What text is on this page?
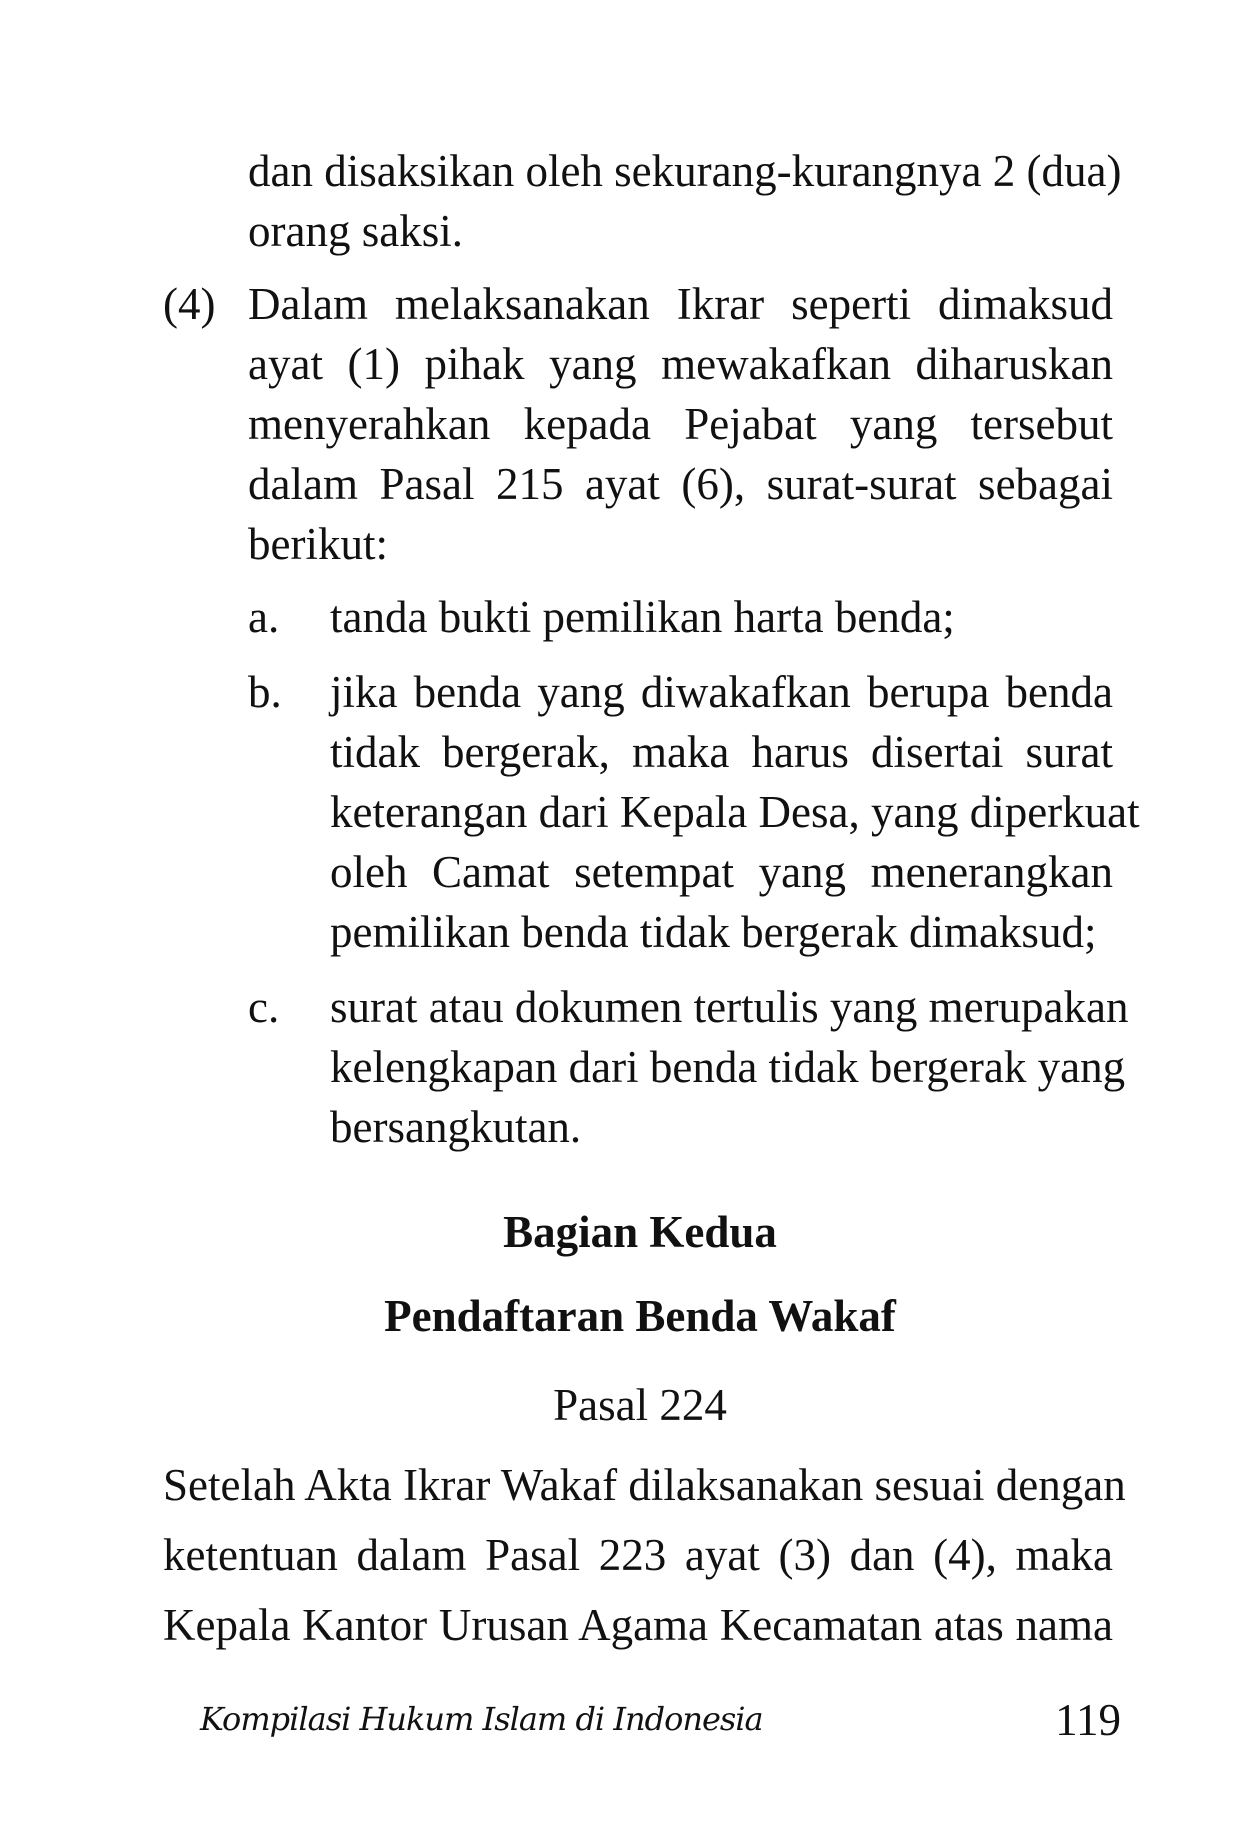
dan disaksikan oleh sekurang-kurangnya 2 (dua)
orang saksi.
(4) Dalam melaksanakan Ikrar seperti dimaksud
ayat (1) pihak yang mewakafkan diharuskan
menyerahkan kepada Pejabat yang tersebut
dalam Pasal 215 ayat (6), surat-surat sebagai
berikut:
a. tanda bukti pemilikan harta benda;
b. jika benda yang diwakafkan berupa benda
tidak bergerak, maka harus disertai surat
keterangan dari Kepala Desa, yang diperkuat
oleh Camat setempat yang menerangkan
pemilikan benda tidak bergerak dimaksud;
c. surat atau dokumen tertulis yang merupakan
kelengkapan dari benda tidak bergerak yang
bersangkutan.
Bagian Kedua
Pendaftaran Benda Wakaf
Pasal 224
Setelah Akta Ikrar Wakaf dilaksanakan sesuai dengan
ketentuan dalam Pasal 223 ayat (3) dan (4), maka
Kepala Kantor Urusan Agama Kecamatan atas nama
Kompilasi Hukum Islam di Indonesia	119
